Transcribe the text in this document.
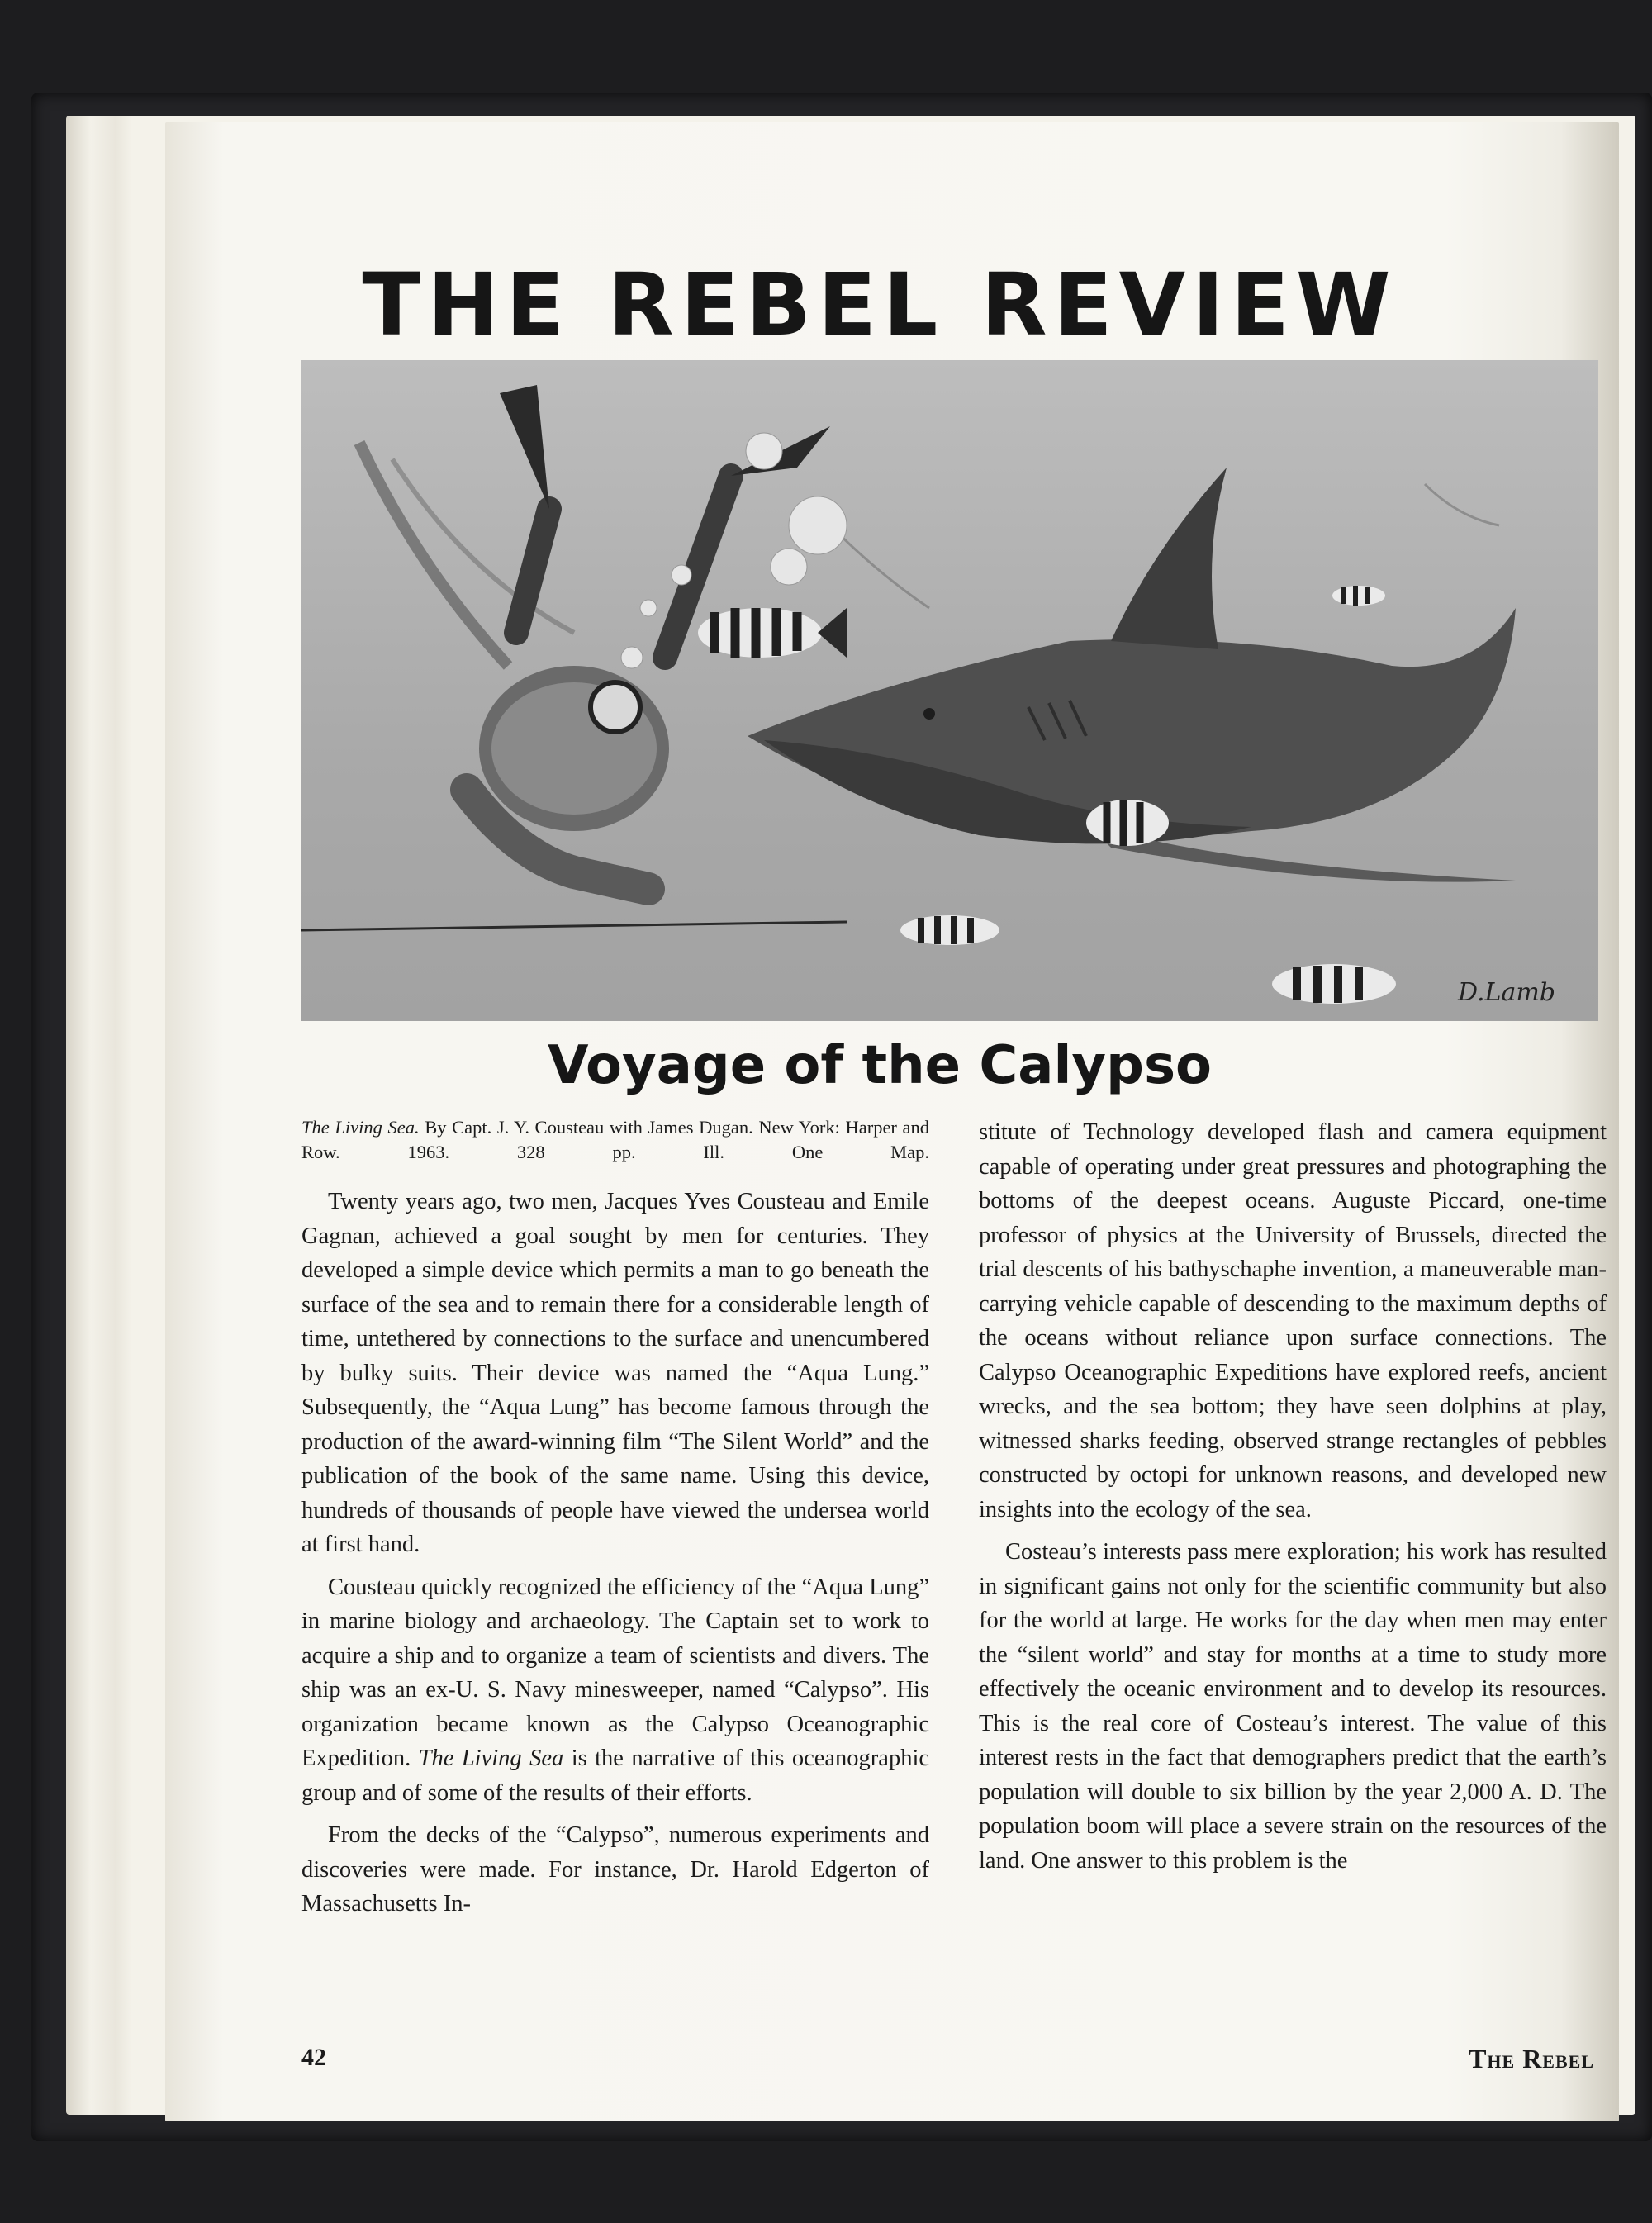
THE REBEL REVIEW
D.Lamb
Voyage of the Calypso

The Living Sea. By Capt. J. Y. Cousteau with James Dugan. New York: Harper and Row. 1963. 328 pp. Ill. One Map.

Twenty years ago, two men, Jacques Yves Cousteau and Emile Gagnan, achieved a goal sought by men for centuries. They developed a simple device which permits a man to go beneath the surface of the sea and to remain there for a considerable length of time, untethered by connections to the surface and unencumbered by bulky suits. Their device was named the “Aqua Lung.” Subsequently, the “Aqua Lung” has become famous through the production of the award-winning film “The Silent World” and the publication of the book of the same name. Using this device, hundreds of thousands of people have viewed the undersea world at first hand.

Cousteau quickly recognized the efficiency of the “Aqua Lung” in marine biology and archaeology. The Captain set to work to acquire a ship and to organize a team of scientists and divers. The ship was an ex-U. S. Navy minesweeper, named “Calypso”. His organization became known as the Calypso Oceanographic Expedition. The Living Sea is the narrative of this oceanographic group and of some of the results of their efforts.

From the decks of the “Calypso”, numerous experiments and discoveries were made. For instance, Dr. Harold Edgerton of Massachusetts In-

stitute of Technology developed flash and camera equipment capable of operating under great pressures and photographing the bottoms of the deepest oceans. Auguste Piccard, one-time professor of physics at the University of Brussels, directed the trial descents of his bathyschaphe invention, a maneuverable man-carrying vehicle capable of descending to the maximum depths of the oceans without reliance upon surface connections. The Calypso Oceanographic Expeditions have explored reefs, ancient wrecks, and the sea bottom; they have seen dolphins at play, witnessed sharks feeding, observed strange rectangles of pebbles constructed by octopi for unknown reasons, and developed new insights into the ecology of the sea.

Costeau’s interests pass mere exploration; his work has resulted in significant gains not only for the scientific community but also for the world at large. He works for the day when men may enter the “silent world” and stay for months at a time to study more effectively the oceanic environment and to develop its resources. This is the real core of Costeau’s interest. The value of this interest rests in the fact that demographers predict that the earth’s population will double to six billion by the year 2,000 A. D. The population boom will place a severe strain on the resources of the land. One answer to this problem is the

42	The Rebel
